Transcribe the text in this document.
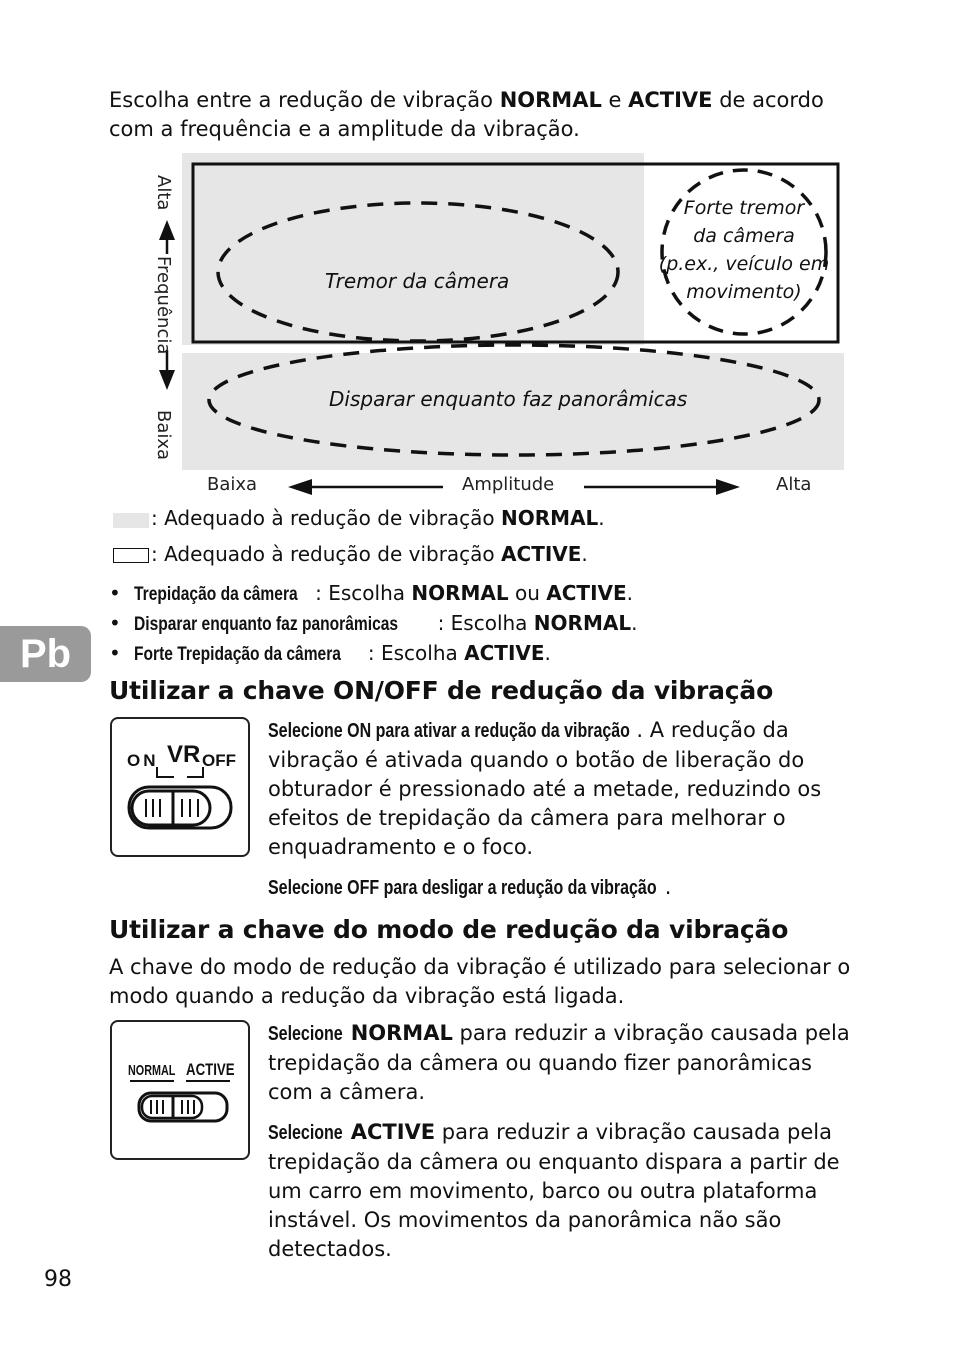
Escolha entre a redução de vibração NORMAL e ACTIVE de acordo
com a frequência e a amplitude da vibração.
Tremor da câmera
Forte tremor
da câmera
(p.ex., veículo em
movimento)
Disparar enquanto faz panorâmicas
Alta
Frequência
Baixa
Baixa	Amplitude	Alta
: Adequado à redução de vibração NORMAL.
: Adequado à redução de vibração ACTIVE.
•  Trepidação da câmera : Escolha NORMAL ou ACTIVE.
•  Disparar enquanto faz panorâmicas : Escolha NORMAL.
•  Forte Trepidação da câmera : Escolha ACTIVE.
Pb
Utilizar a chave ON/OFF de redução da vibração
ON VR OFF
Selecione ON para ativar a redução da vibração . A redução da
vibração é ativada quando o botão de liberação do
obturador é pressionado até a metade, reduzindo os
efeitos de trepidação da câmera para melhorar o
enquadramento e o foco.
Selecione OFF para desligar a redução da vibração .
Utilizar a chave do modo de redução da vibração
A chave do modo de redução da vibração é utilizado para selecionar o
modo quando a redução da vibração está ligada.
NORMAL ACTIVE
Selecione NORMAL para reduzir a vibração causada pela
trepidação da câmera ou quando fizer panorâmicas
com a câmera.
Selecione ACTIVE para reduzir a vibração causada pela
trepidação da câmera ou enquanto dispara a partir de
um carro em movimento, barco ou outra plataforma
instável. Os movimentos da panorâmica não são
detectados.
98
